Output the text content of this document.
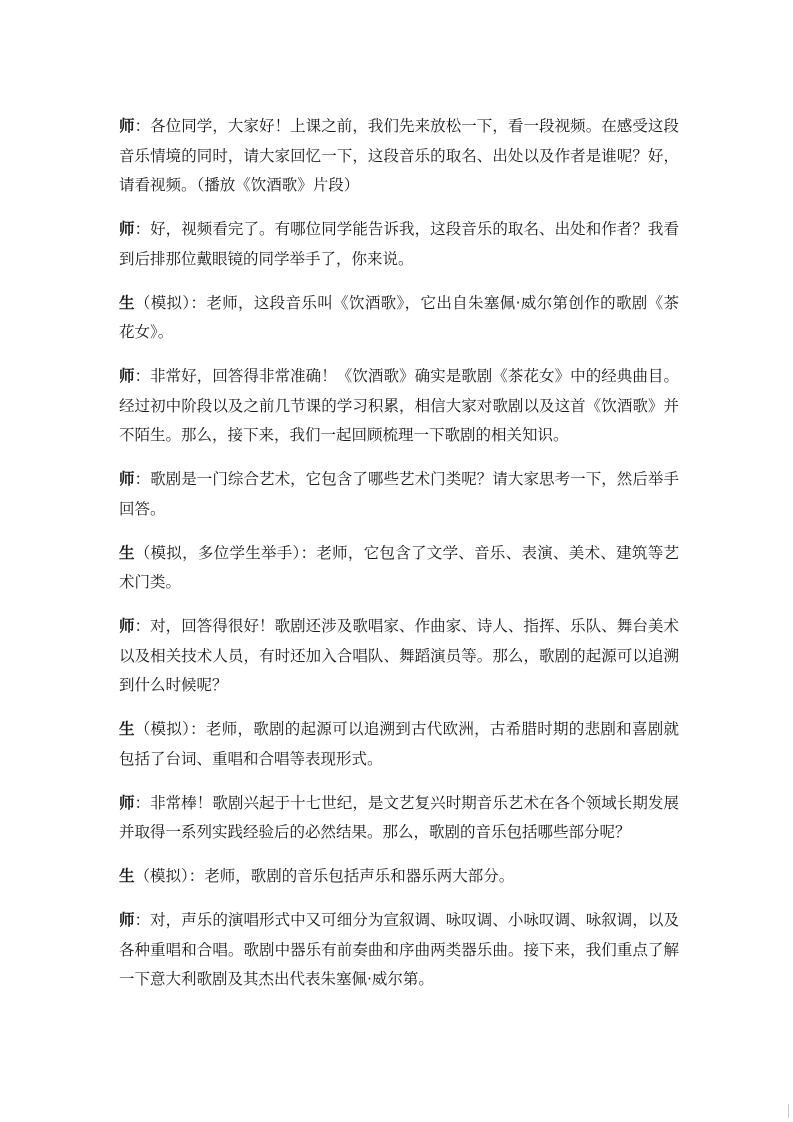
师：各位同学，大家好！上课之前，我们先来放松一下，看一段视频。在感受这段音乐情境的同时，请大家回忆一下，这段音乐的取名、出处以及作者是谁呢？好，请看视频。（播放《饮酒歌》片段）

师：好，视频看完了。有哪位同学能告诉我，这段音乐的取名、出处和作者？我看到后排那位戴眼镜的同学举手了，你来说。

生（模拟）：老师，这段音乐叫《饮酒歌》，它出自朱塞佩·威尔第创作的歌剧《茶花女》。

师：非常好，回答得非常准确！《饮酒歌》确实是歌剧《茶花女》中的经典曲目。经过初中阶段以及之前几节课的学习积累，相信大家对歌剧以及这首《饮酒歌》并不陌生。那么，接下来，我们一起回顾梳理一下歌剧的相关知识。

师：歌剧是一门综合艺术，它包含了哪些艺术门类呢？请大家思考一下，然后举手回答。

生（模拟，多位学生举手）：老师，它包含了文学、音乐、表演、美术、建筑等艺术门类。

师：对，回答得很好！歌剧还涉及歌唱家、作曲家、诗人、指挥、乐队、舞台美术以及相关技术人员，有时还加入合唱队、舞蹈演员等。那么，歌剧的起源可以追溯到什么时候呢？

生（模拟）：老师，歌剧的起源可以追溯到古代欧洲，古希腊时期的悲剧和喜剧就包括了台词、重唱和合唱等表现形式。

师：非常棒！歌剧兴起于十七世纪，是文艺复兴时期音乐艺术在各个领域长期发展并取得一系列实践经验后的必然结果。那么，歌剧的音乐包括哪些部分呢？

生（模拟）：老师，歌剧的音乐包括声乐和器乐两大部分。

师：对，声乐的演唱形式中又可细分为宣叙调、咏叹调、小咏叹调、咏叙调，以及各种重唱和合唱。歌剧中器乐有前奏曲和序曲两类器乐曲。接下来，我们重点了解一下意大利歌剧及其杰出代表朱塞佩·威尔第。
